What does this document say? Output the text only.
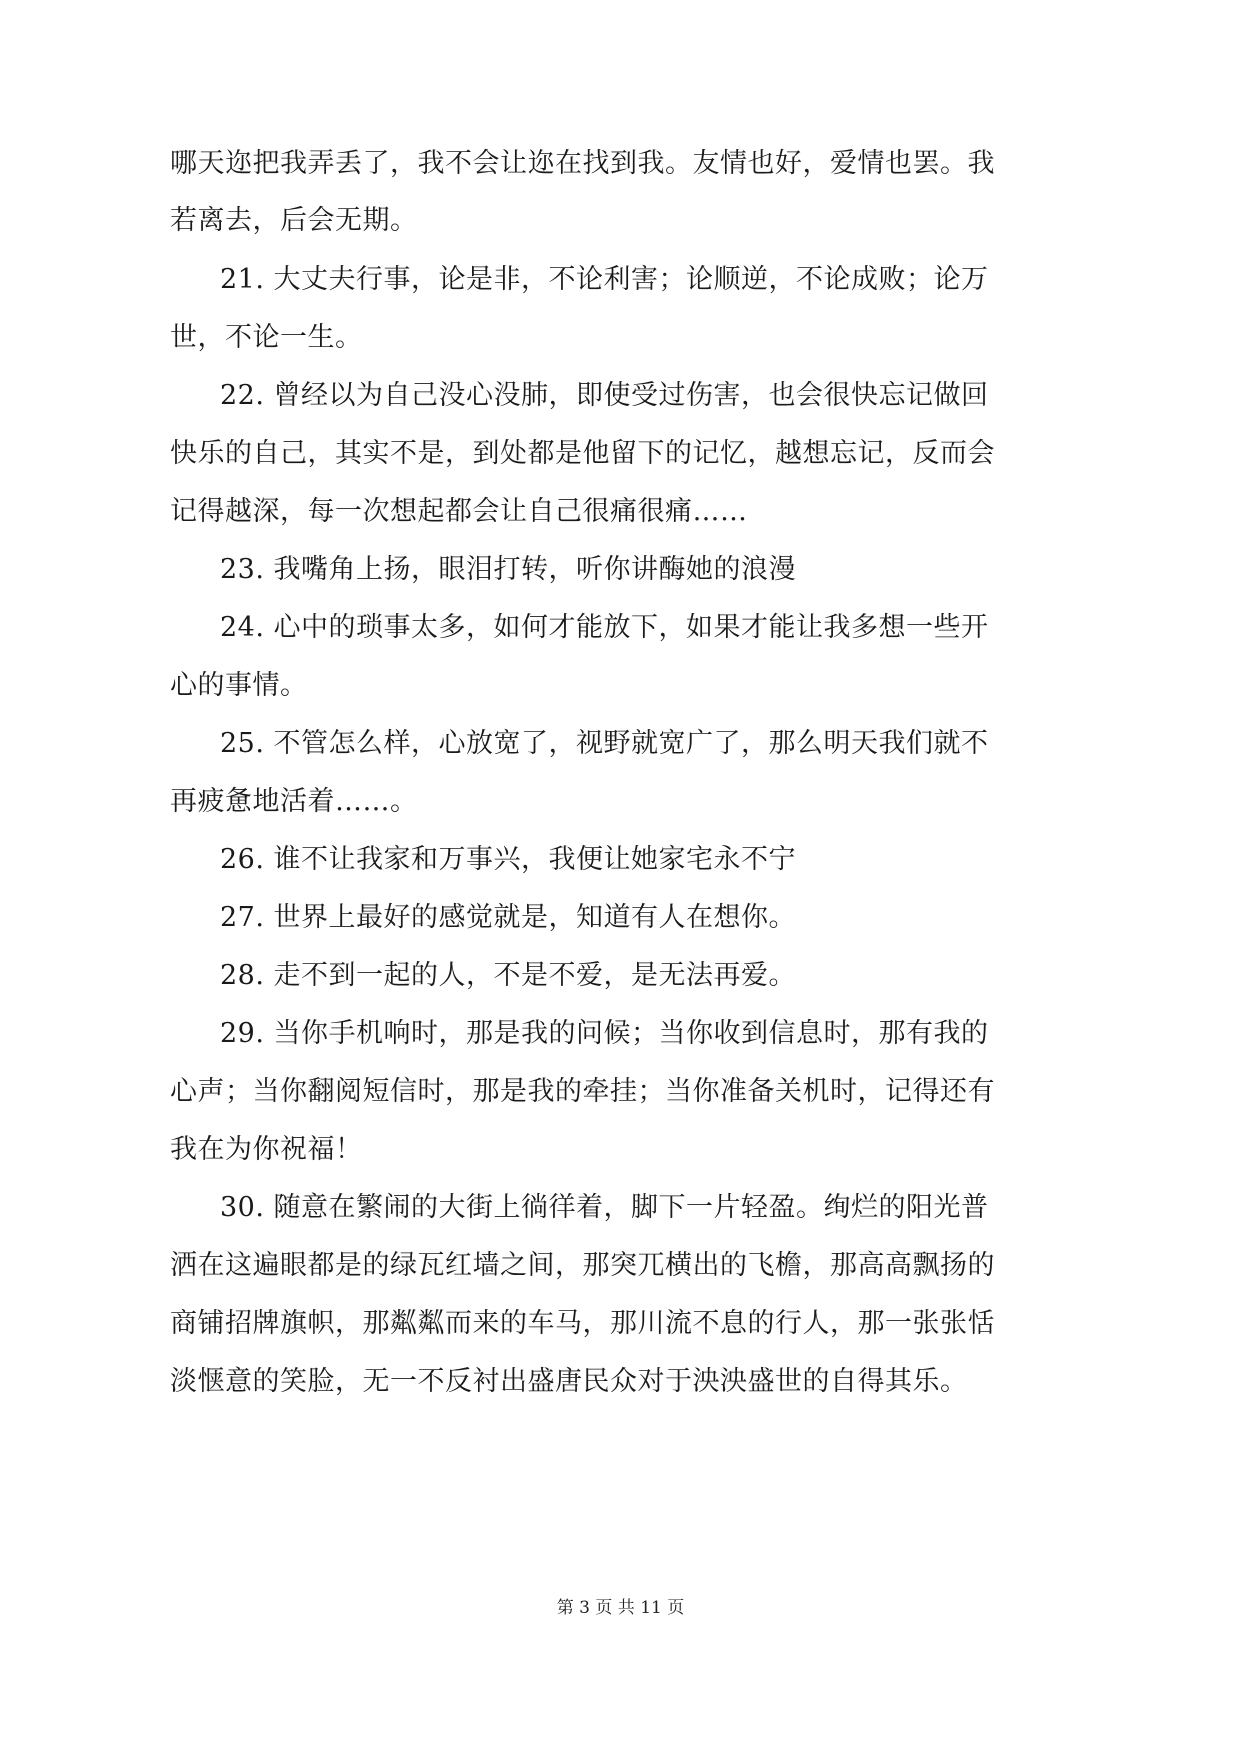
哪天迩把我弄丢了，我不会让迩在找到我。友情也好，爱情也罢。我
若离去，后会无期。
21. 大丈夫行事，论是非，不论利害；论顺逆，不论成败；论万
世，不论一生。
22. 曾经以为自己没心没肺，即使受过伤害，也会很快忘记做回
快乐的自己，其实不是，到处都是他留下的记忆，越想忘记，反而会
记得越深，每一次想起都会让自己很痛很痛……
23. 我嘴角上扬，眼泪打转，听你讲酶她的浪漫
24. 心中的琐事太多，如何才能放下，如果才能让我多想一些开
心的事情。
25. 不管怎么样，心放宽了，视野就宽广了，那么明天我们就不
再疲惫地活着……。
26. 谁不让我家和万事兴，我便让她家宅永不宁
27. 世界上最好的感觉就是，知道有人在想你。
28. 走不到一起的人，不是不爱，是无法再爱。
29. 当你手机响时，那是我的问候；当你收到信息时，那有我的
心声；当你翻阅短信时，那是我的牵挂；当你准备关机时，记得还有
我在为你祝福！
30. 随意在繁闹的大街上徜徉着，脚下一片轻盈。绚烂的阳光普
洒在这遍眼都是的绿瓦红墙之间，那突兀横出的飞檐，那高高飘扬的
商铺招牌旗帜，那粼粼而来的车马，那川流不息的行人，那一张张恬
淡惬意的笑脸，无一不反衬出盛唐民众对于泱泱盛世的自得其乐。
第 3 页 共 11 页
